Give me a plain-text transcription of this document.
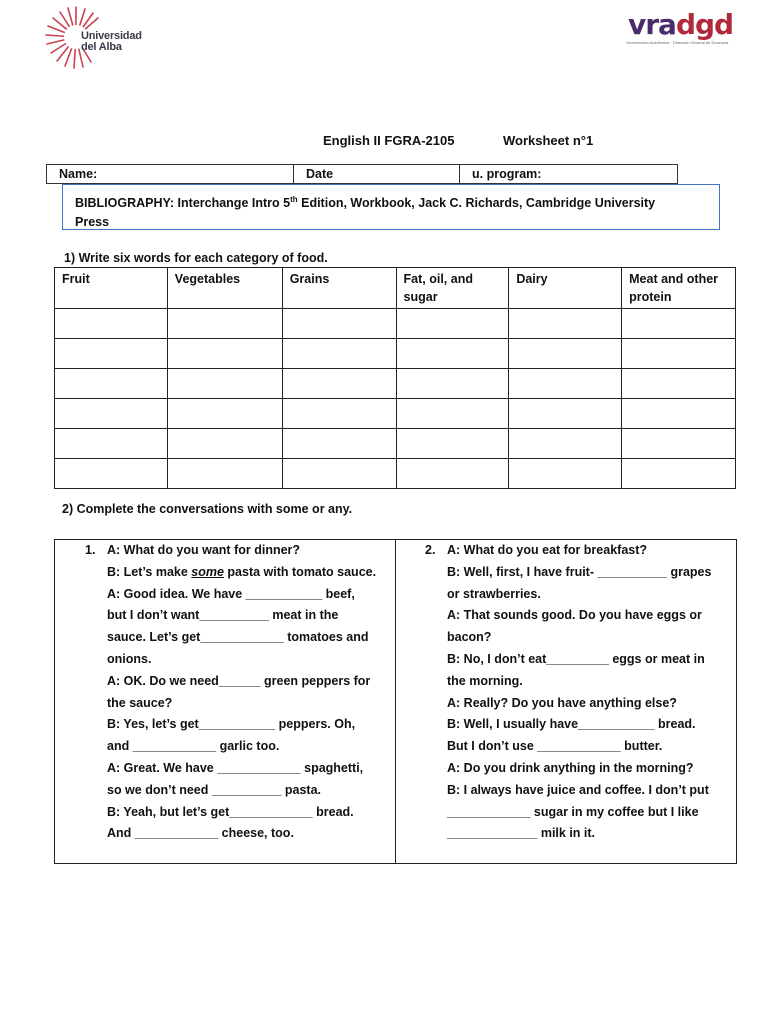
Universidad
del Alba
vradgd
Vicerrectoría Académica · Dirección General de Docencia
English II FGRA-2105	Worksheet n°1
Name:	Date	u. program:
BIBLIOGRAPHY: Interchange Intro 5th Edition, Workbook, Jack C. Richards, Cambridge University
Press
1) Write six words for each category of food.
Fruit	Vegetables	Grains	Fat, oil, and sugar	Dairy	Meat and other protein

2) Complete the conversations with some or any.
1. A: What do you want for dinner?
B: Let’s make some pasta with tomato sauce.
A: Good idea. We have ___________ beef,
but I don’t want__________ meat in the
sauce. Let’s get____________ tomatoes and
onions.
A: OK. Do we need______ green peppers for
the sauce?
B: Yes, let’s get___________ peppers. Oh,
and ____________ garlic too.
A: Great. We have ____________ spaghetti,
so we don’t need __________ pasta.
B: Yeah, but let’s get____________ bread.
And ____________ cheese, too.
2. A: What do you eat for breakfast?
B: Well, first, I have fruit- __________ grapes
or strawberries.
A: That sounds good. Do you have eggs or
bacon?
B: No, I don’t eat_________ eggs or meat in
the morning.
A: Really? Do you have anything else?
B: Well, I usually have___________ bread.
But I don’t use ____________ butter.
A: Do you drink anything in the morning?
B: I always have juice and coffee. I don’t put
____________ sugar in my coffee but I like
_____________ milk in it.
